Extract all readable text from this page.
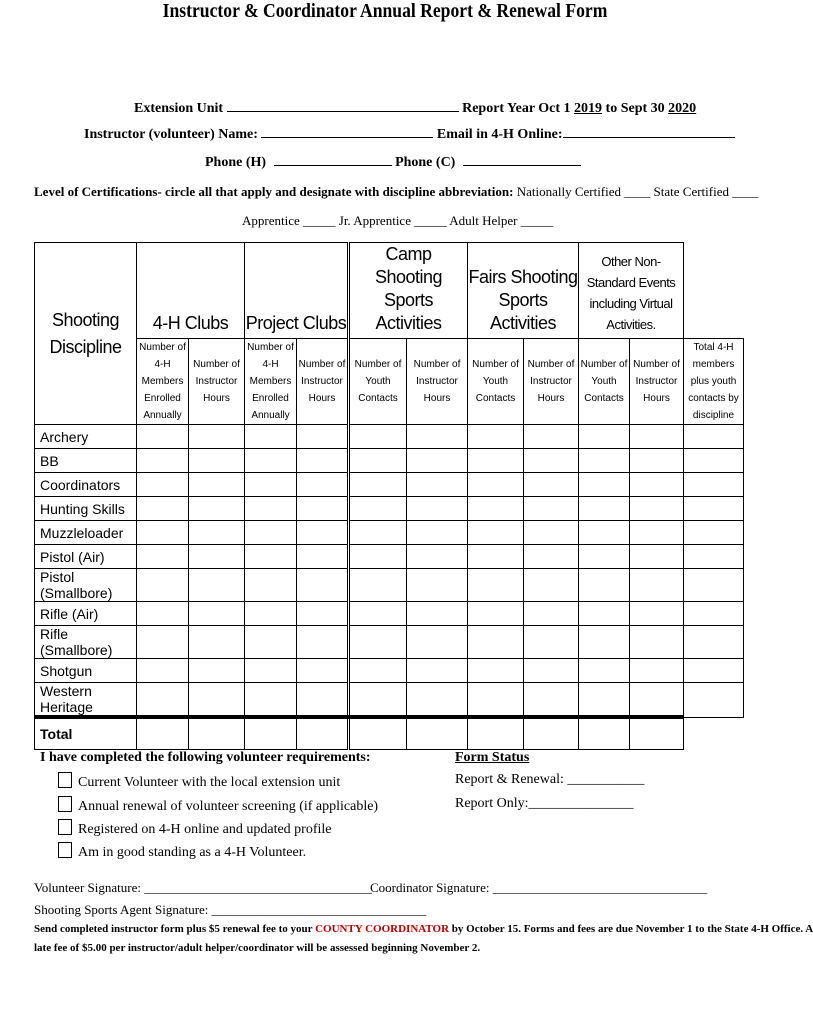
Instructor & Coordinator Annual Report & Renewal Form
Extension Unit	Report Year Oct 1 2019 to Sept 30 2020
Instructor (volunteer) Name:	Email in 4-H Online:
Phone (H)	Phone (C)
Level of Certifications- circle all that apply and designate with discipline abbreviation: Nationally Certified ____ State Certified ____
Apprentice _____ Jr. Apprentice _____ Adult Helper _____
Shooting Discipline	4-H Clubs		Project Clubs		Camp Shooting Sports Activities		Fairs Shooting Sports Activities		Other Non-Standard Events including Virtual Activities.		
	Number of 4-H Members Enrolled Annually	Number of Instructor Hours	Number of 4-H Members Enrolled Annually	Number of Instructor Hours	Number of Youth Contacts	Number of Instructor Hours	Number of Youth Contacts	Number of Instructor Hours	Number of Youth Contacts	Number of Instructor Hours	Total 4-H members plus youth contacts by discipline
Archery											
BB											
Coordinators											
Hunting Skills											
Muzzleloader											
Pistol (Air)											
Pistol (Smallbore)											
Rifle (Air)											
Rifle (Smallbore)											
Shotgun											
Western Heritage											
Total											
I have completed the following volunteer requirements:
Current Volunteer with the local extension unit
Annual renewal of volunteer screening (if applicable)
Registered on 4-H online and updated profile
Am in good standing as a 4-H Volunteer.
Form Status
Report & Renewal: ___________
Report Only:_______________
Volunteer Signature: ___________________________________
Coordinator Signature: _________________________________
Shooting Sports Agent Signature: _________________________________
Send completed instructor form plus $5 renewal fee to your COUNTY COORDINATOR by October 15. Forms and fees are due November 1 to the State 4-H Office. A
late fee of $5.00 per instructor/adult helper/coordinator will be assessed beginning November 2.
